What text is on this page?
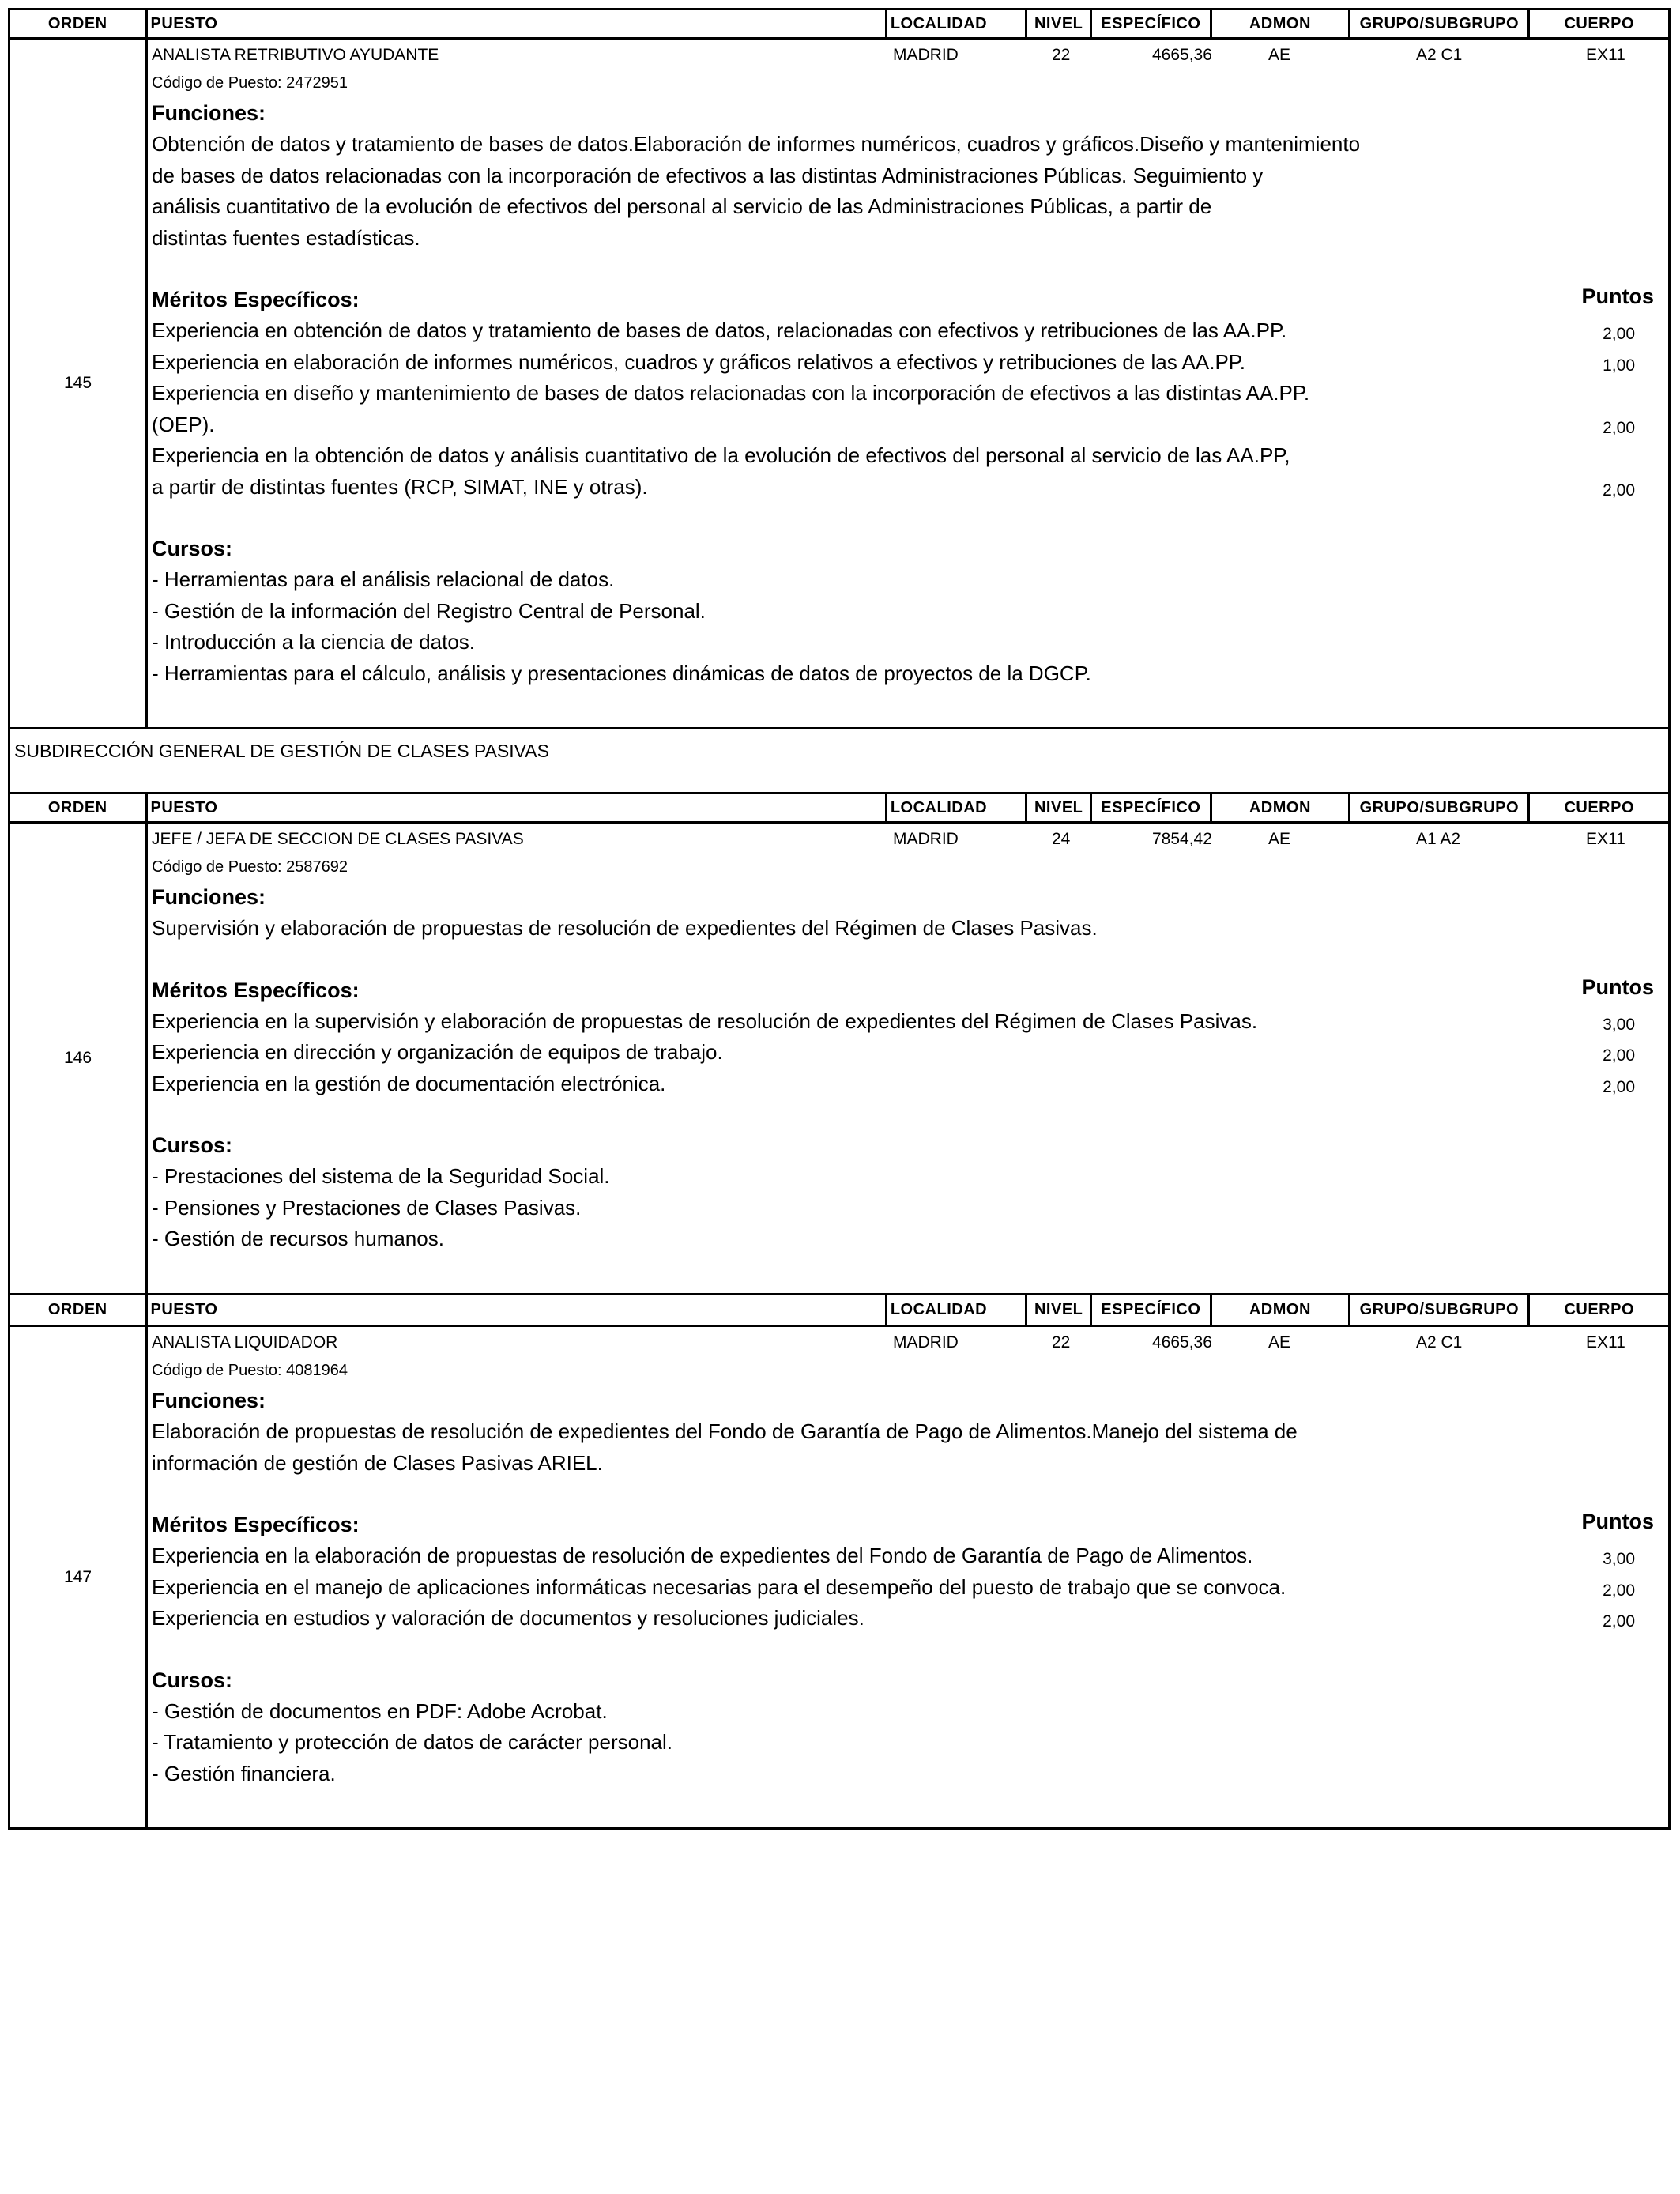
ORDEN	PUESTO	LOCALIDAD	NIVEL	ESPECÍFICO	ADMON	GRUPO/SUBGRUPO	CUERPO
145
ANALISTA RETRIBUTIVO AYUDANTE	MADRID	22	4665,36	AE	A2 C1	EX11
Código de Puesto: 2472951
Funciones:
Obtención de datos y tratamiento de bases de datos.Elaboración de informes numéricos, cuadros y gráficos.Diseño y mantenimiento
de bases de datos relacionadas con la incorporación de efectivos a las distintas Administraciones Públicas. Seguimiento y
análisis cuantitativo de la evolución de efectivos del personal al servicio de las Administraciones Públicas, a partir de
distintas fuentes estadísticas.
Méritos Específicos:	Puntos
Experiencia en obtención de datos y tratamiento de bases de datos, relacionadas con efectivos y retribuciones de las AA.PP.	2,00
Experiencia en elaboración de informes numéricos, cuadros y gráficos relativos a efectivos y retribuciones de las AA.PP.	1,00
Experiencia en diseño y mantenimiento de bases de datos relacionadas con la incorporación de efectivos a las distintas AA.PP.
(OEP).	2,00
Experiencia en la obtención de datos y análisis cuantitativo de la evolución de efectivos del personal al servicio de las AA.PP,
a partir de distintas fuentes (RCP, SIMAT, INE y otras).	2,00
Cursos:
- Herramientas para el análisis relacional de datos.
- Gestión de la información del Registro Central de Personal.
- Introducción a la ciencia de datos.
- Herramientas para el cálculo, análisis y presentaciones dinámicas de datos de proyectos de la DGCP.
SUBDIRECCIÓN GENERAL DE GESTIÓN DE CLASES PASIVAS
ORDEN	PUESTO	LOCALIDAD	NIVEL	ESPECÍFICO	ADMON	GRUPO/SUBGRUPO	CUERPO
146
JEFE / JEFA DE SECCION DE CLASES PASIVAS	MADRID	24	7854,42	AE	A1 A2	EX11
Código de Puesto: 2587692
Funciones:
Supervisión y elaboración de propuestas de resolución de expedientes del Régimen de Clases Pasivas.
Méritos Específicos:	Puntos
Experiencia en la supervisión y elaboración de propuestas de resolución de expedientes del Régimen de Clases Pasivas.	3,00
Experiencia en dirección y organización de equipos de trabajo.	2,00
Experiencia en la gestión de documentación electrónica.	2,00
Cursos:
- Prestaciones del sistema de la Seguridad Social.
- Pensiones y Prestaciones de Clases Pasivas.
- Gestión de recursos humanos.
ORDEN	PUESTO	LOCALIDAD	NIVEL	ESPECÍFICO	ADMON	GRUPO/SUBGRUPO	CUERPO
147
ANALISTA LIQUIDADOR	MADRID	22	4665,36	AE	A2 C1	EX11
Código de Puesto: 4081964
Funciones:
Elaboración de propuestas de resolución de expedientes del Fondo de Garantía de Pago de Alimentos.Manejo del sistema de
información de gestión de Clases Pasivas ARIEL.
Méritos Específicos:	Puntos
Experiencia en la elaboración de propuestas de resolución de expedientes del Fondo de Garantía de Pago de Alimentos.	3,00
Experiencia en el manejo de aplicaciones informáticas necesarias para el desempeño del puesto de trabajo que se convoca.	2,00
Experiencia en estudios y valoración de documentos y resoluciones judiciales.	2,00
Cursos:
- Gestión de documentos en PDF: Adobe Acrobat.
- Tratamiento y protección de datos de carácter personal.
- Gestión financiera.
